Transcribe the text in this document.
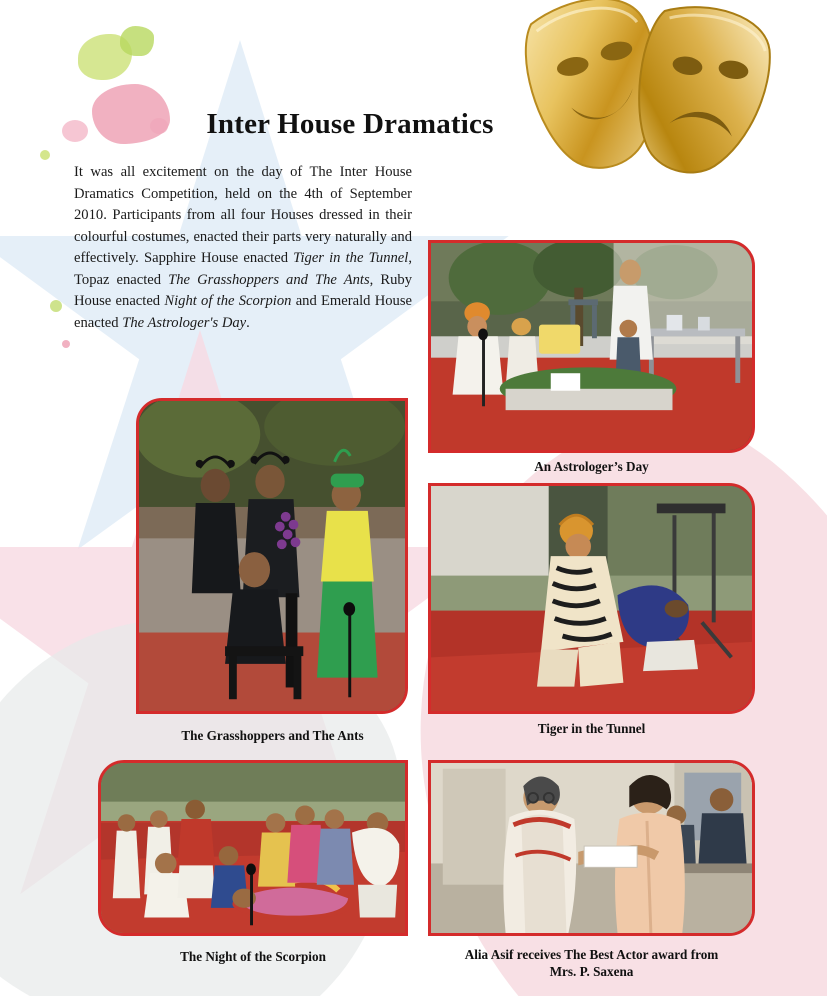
Inter House Dramatics
It was all excitement on the day of The Inter House Dramatics Competition, held on the 4th of September 2010. Participants from all four Houses dressed in their colourful costumes, enacted their parts very naturally and effectively. Sapphire House enacted Tiger in the Tunnel, Topaz enacted The Grasshoppers and The Ants, Ruby House enacted Night of the Scorpion and Emerald House enacted The Astrologer's Day.
An Astrologer’s Day
The Grasshoppers and The Ants	Tiger in the Tunnel
The Night of the Scorpion	Alia Asif receives The Best Actor award from
Mrs. P. Saxena
